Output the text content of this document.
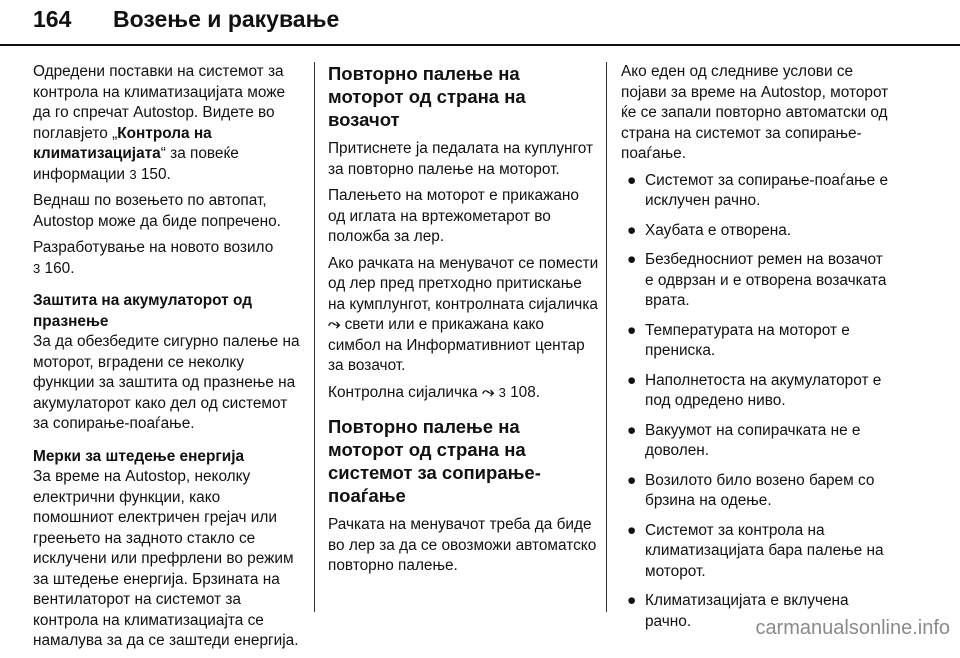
164	Возење и ракување

Одредени поставки на системот за контрола на климатизацијата може да го спречат Autostop. Видете во поглавјето „Контрола на климатизацијата“ за повеќе информации 3 150.

Веднаш по возењето по автопат, Autostop може да биде попречено.

Разработување на новото возило
3 160.

Заштита на акумулаторот од празнење

За да обезбедите сигурно палење на моторот, вградени се неколку функции за заштита од празнење на акумулаторот како дел од системот за сопирање-поаѓање.

Мерки за штедење енергија

За време на Autostop, неколку електрични функции, како помошниот електричен грејач или греењето на задното стакло се исклучени или префрлени во режим за штедење енергија. Брзината на вентилаторот на системот за контрола на климатизациајта се намалува за да се заштеди енергија.

Повторно палење на моторот од страна на возачот

Притиснете ја педалата на куплунгот за повторно палење на моторот.

Палењето на моторот е прикажано од иглата на вртежометарот во положба за лер.

Ако рачката на менувачот се помести од лер пред претходно притискање на кумплунгот, контролната сијаличка ⤳ свети или е прикажана како симбол на Информативниот центар за возачот.

Контролна сијаличка ⤳ 3 108.

Повторно палење на моторот од страна на системот за сопирање-поаѓање

Рачката на менувачот треба да биде во лер за да се овозможи автоматско повторно палење.

Ако еден од следниве услови се појави за време на Autostop, моторот ќе се запали повторно автоматски од страна на системот за сопирање-поаѓање.

● Системот за сопирање-поаѓање е исклучен рачно.
● Хаубата е отворена.
● Безбедносниот ремен на возачот е одврзан и е отворена возачката врата.
● Температурата на моторот е прениска.
● Наполнетоста на акумулаторот е под одредено ниво.
● Вакуумот на сопирачката не е доволен.
● Возилото било возено барем со брзина на одење.
● Системот за контрола на климатизацијата бара палење на моторот.
● Климатизацијата е вклучена рачно.	carmanualsonline.info
